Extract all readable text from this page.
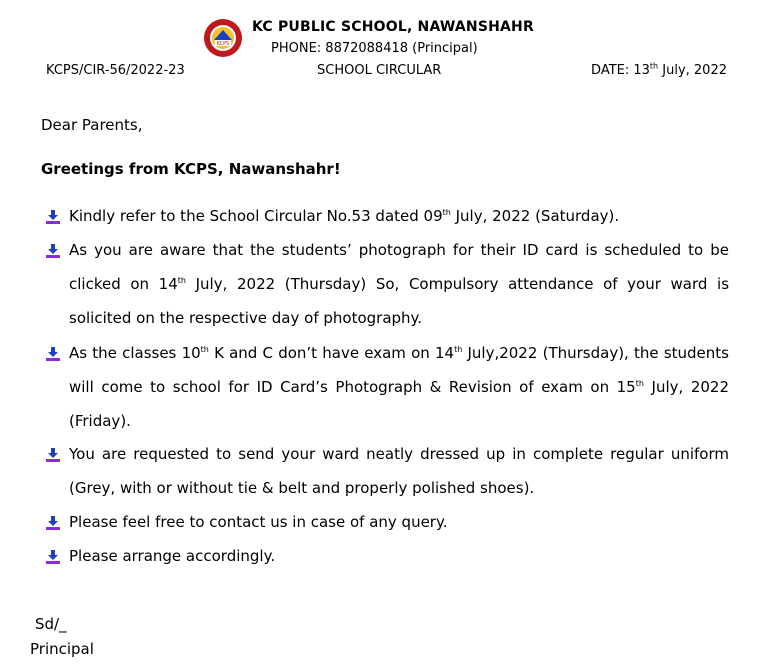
KCPS
KC PUBLIC SCHOOL, NAWANSHAHR
PHONE: 8872088418 (Principal)
KCPS/CIR-56/2022-23	SCHOOL CIRCULAR	DATE: 13th July, 2022
Dear Parents,
Greetings from KCPS, Nawanshahr!
Kindly refer to the School Circular No.53 dated 09th July, 2022 (Saturday).
As you are aware that the students’ photograph for their ID card is scheduled to be clicked on 14th July, 2022 (Thursday) So, Compulsory attendance of your ward is solicited on the respective day of photography.
As the classes 10th K and C don’t have exam on 14th July,2022 (Thursday), the students will come to school for ID Card’s Photograph & Revision of exam on 15th July, 2022 (Friday).
You are requested to send your ward neatly dressed up in complete regular uniform (Grey, with or without tie & belt and properly polished shoes).
Please feel free to contact us in case of any query.
Please arrange accordingly.
Sd/_
Principal
